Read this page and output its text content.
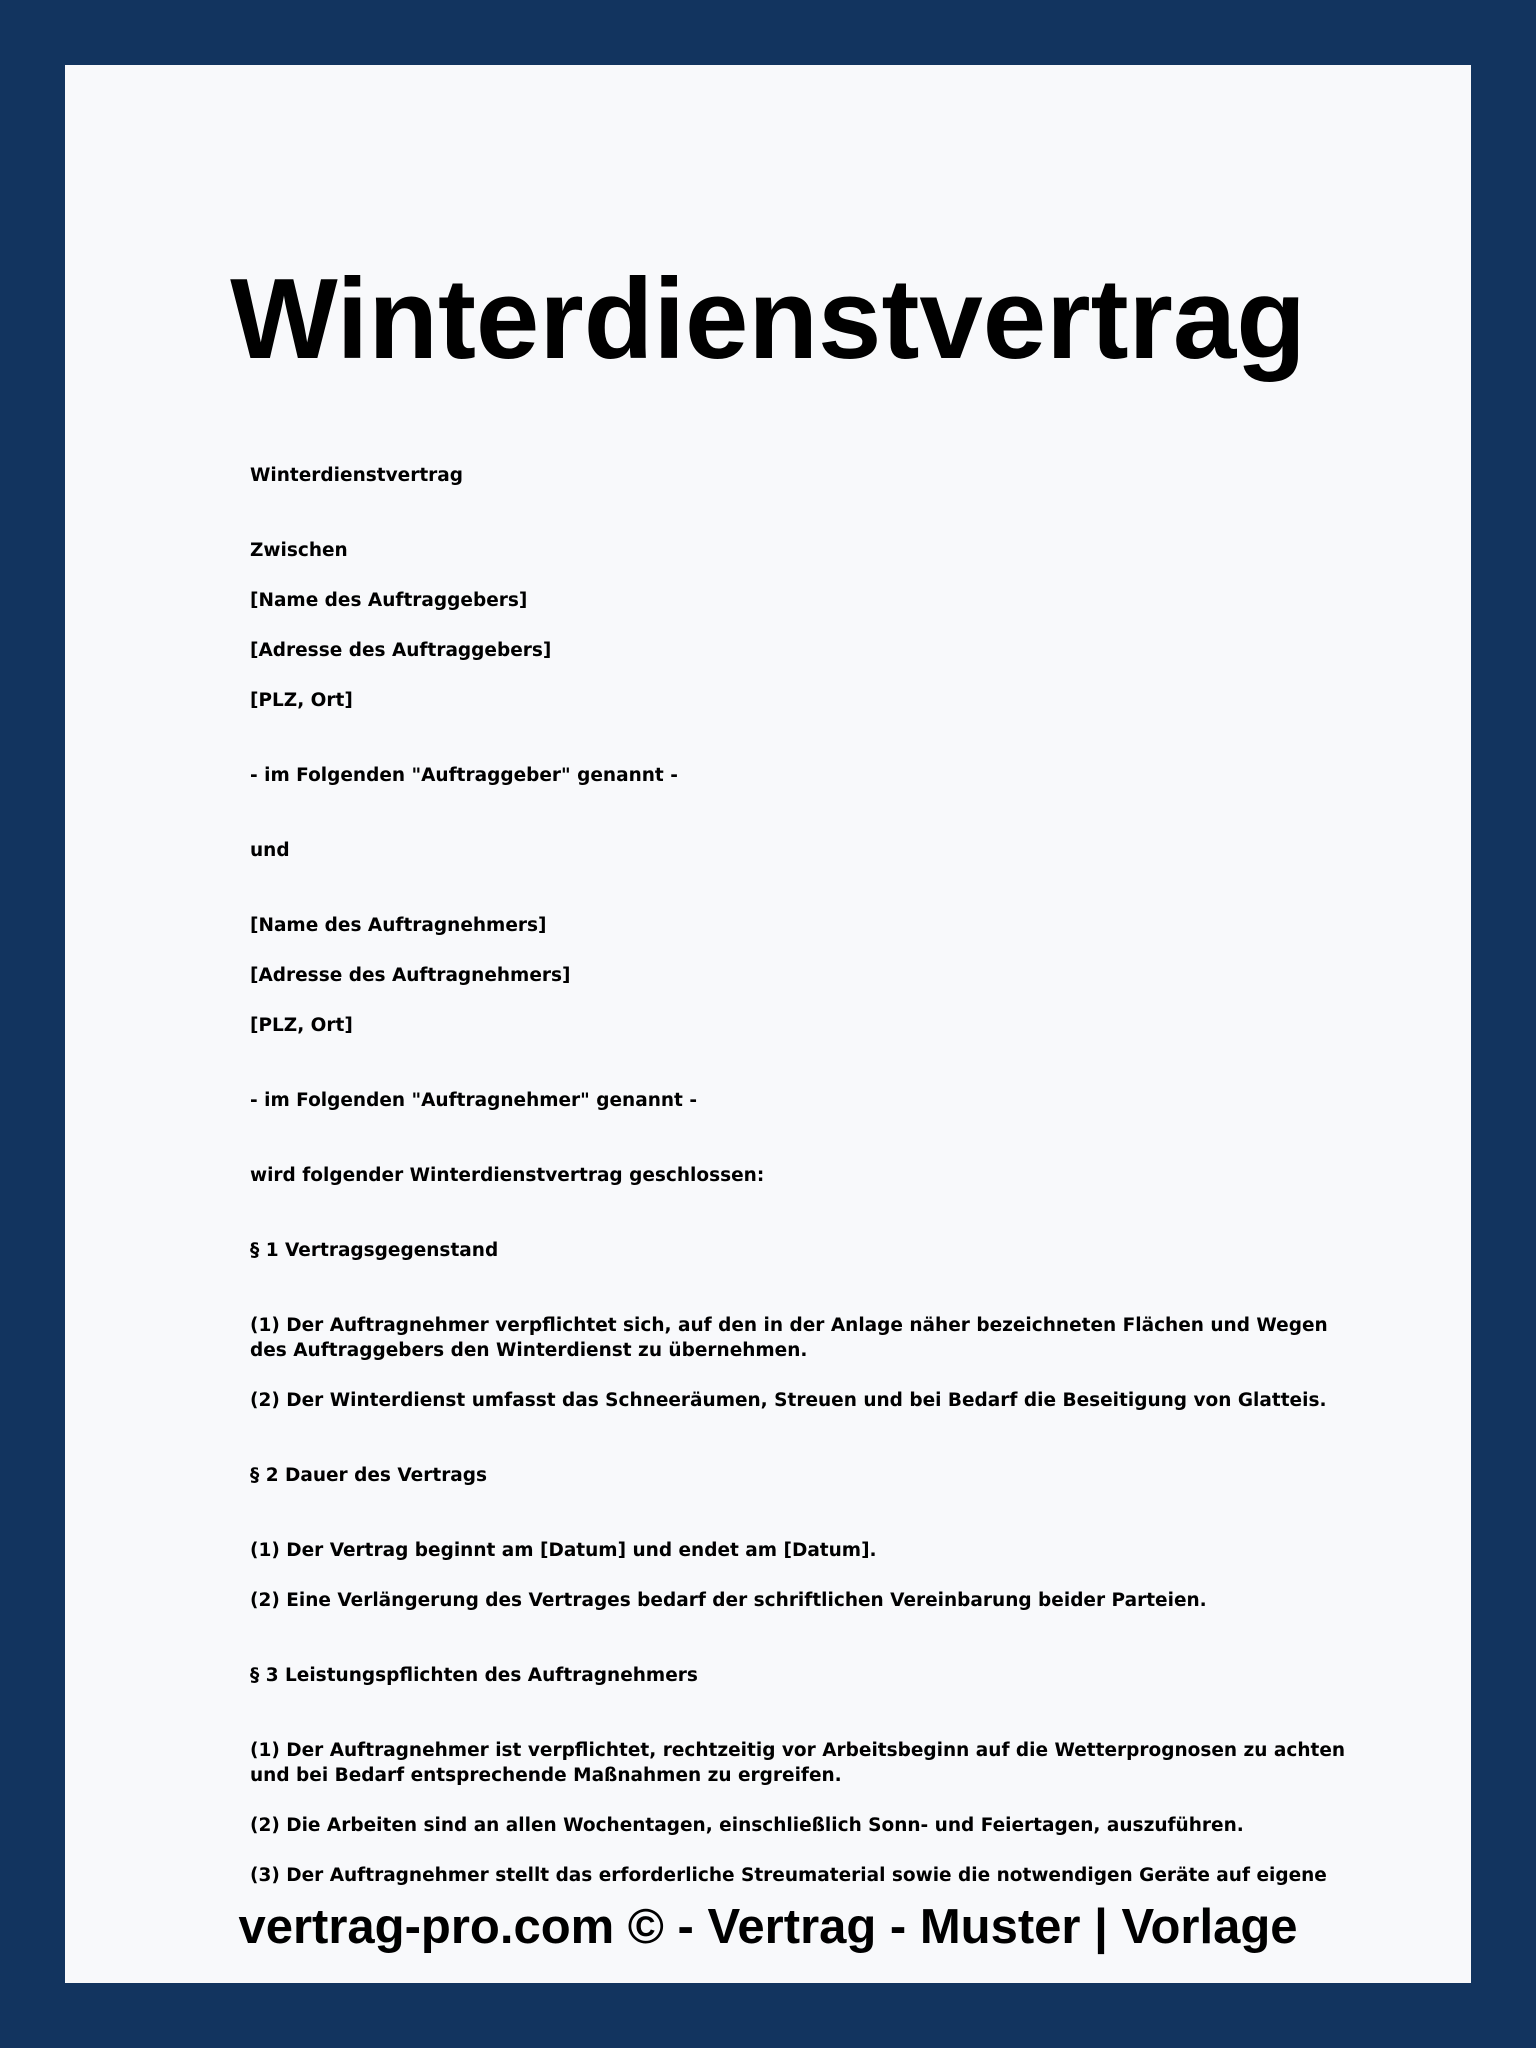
Winterdienstvertrag
Winterdienstvertrag
Zwischen
[Name des Auftraggebers]
[Adresse des Auftraggebers]
[PLZ, Ort]
- im Folgenden "Auftraggeber" genannt -
und
[Name des Auftragnehmers]
[Adresse des Auftragnehmers]
[PLZ, Ort]
- im Folgenden "Auftragnehmer" genannt -
wird folgender Winterdienstvertrag geschlossen:
§ 1 Vertragsgegenstand
(1) Der Auftragnehmer verpflichtet sich, auf den in der Anlage näher bezeichneten Flächen und Wegen des Auftraggebers den Winterdienst zu übernehmen.
(2) Der Winterdienst umfasst das Schneeräumen, Streuen und bei Bedarf die Beseitigung von Glatteis.
§ 2 Dauer des Vertrags
(1) Der Vertrag beginnt am [Datum] und endet am [Datum].
(2) Eine Verlängerung des Vertrages bedarf der schriftlichen Vereinbarung beider Parteien.
§ 3 Leistungspflichten des Auftragnehmers
(1) Der Auftragnehmer ist verpflichtet, rechtzeitig vor Arbeitsbeginn auf die Wetterprognosen zu achten und bei Bedarf entsprechende Maßnahmen zu ergreifen.
(2) Die Arbeiten sind an allen Wochentagen, einschließlich Sonn- und Feiertagen, auszuführen.
(3) Der Auftragnehmer stellt das erforderliche Streumaterial sowie die notwendigen Geräte auf eigene
vertrag-pro.com © - Vertrag - Muster | Vorlage
